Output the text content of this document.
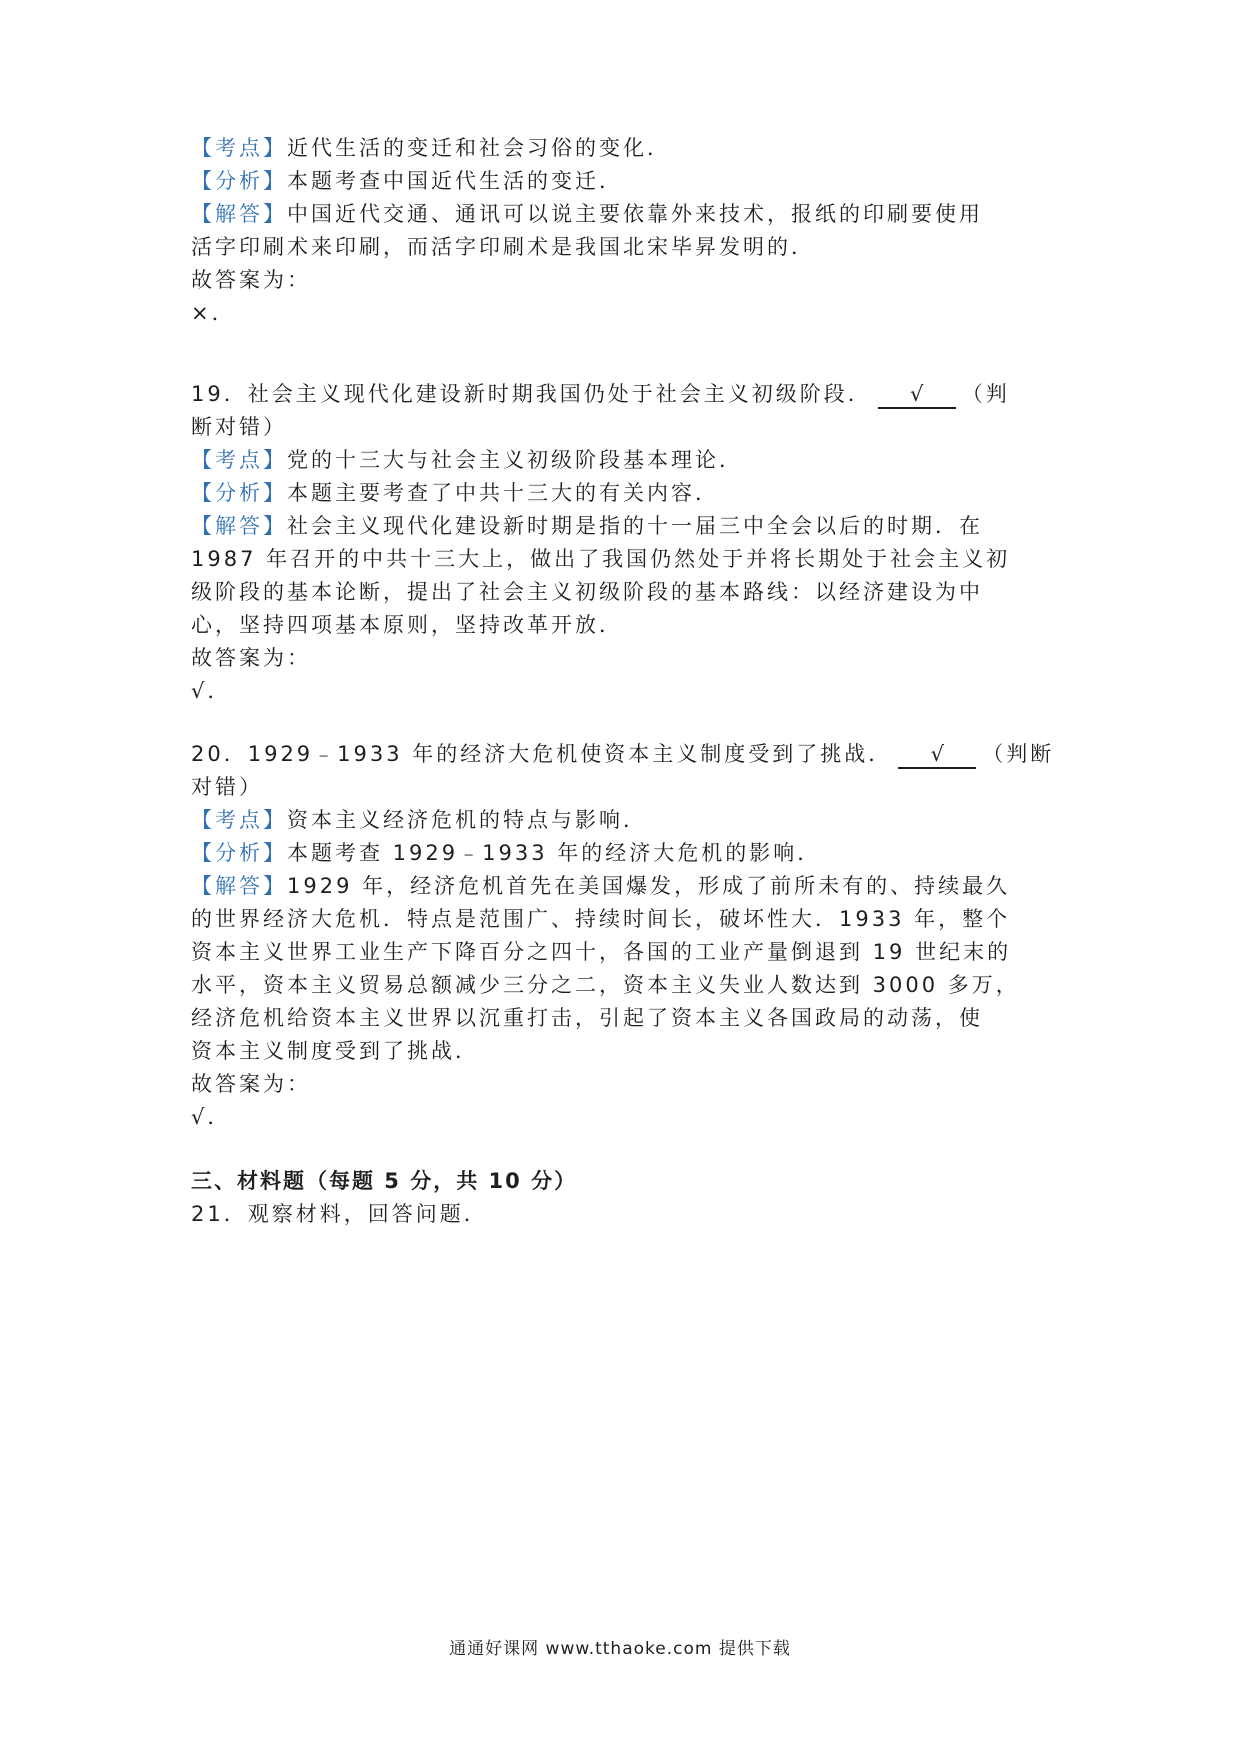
【考点】近代生活的变迁和社会习俗的变化．
【分析】本题考查中国近代生活的变迁．
【解答】中国近代交通、通讯可以说主要依靠外来技术，报纸的印刷要使用
活字印刷术来印刷，而活字印刷术是我国北宋毕昇发明的．
故答案为：
×．
19．社会主义现代化建设新时期我国仍处于社会主义初级阶段． √ （判
断对错）
【考点】党的十三大与社会主义初级阶段基本理论．
【分析】本题主要考查了中共十三大的有关内容．
【解答】社会主义现代化建设新时期是指的十一届三中全会以后的时期．在
1987 年召开的中共十三大上，做出了我国仍然处于并将长期处于社会主义初
级阶段的基本论断，提出了社会主义初级阶段的基本路线：以经济建设为中
心，坚持四项基本原则，坚持改革开放．
故答案为：
√．
20．1929﹣1933 年的经济大危机使资本主义制度受到了挑战． √ （判断
对错）
【考点】资本主义经济危机的特点与影响．
【分析】本题考查 1929﹣1933 年的经济大危机的影响．
【解答】1929 年，经济危机首先在美国爆发，形成了前所未有的、持续最久
的世界经济大危机．特点是范围广、持续时间长，破坏性大．1933 年，整个
资本主义世界工业生产下降百分之四十，各国的工业产量倒退到 19 世纪末的
水平，资本主义贸易总额减少三分之二，资本主义失业人数达到 3000 多万，
经济危机给资本主义世界以沉重打击，引起了资本主义各国政局的动荡，使
资本主义制度受到了挑战．
故答案为：
√．
三、材料题（每题 5 分，共 10 分）
21．观察材料，回答问题．
通通好课网 www.tthaoke.com 提供下载
